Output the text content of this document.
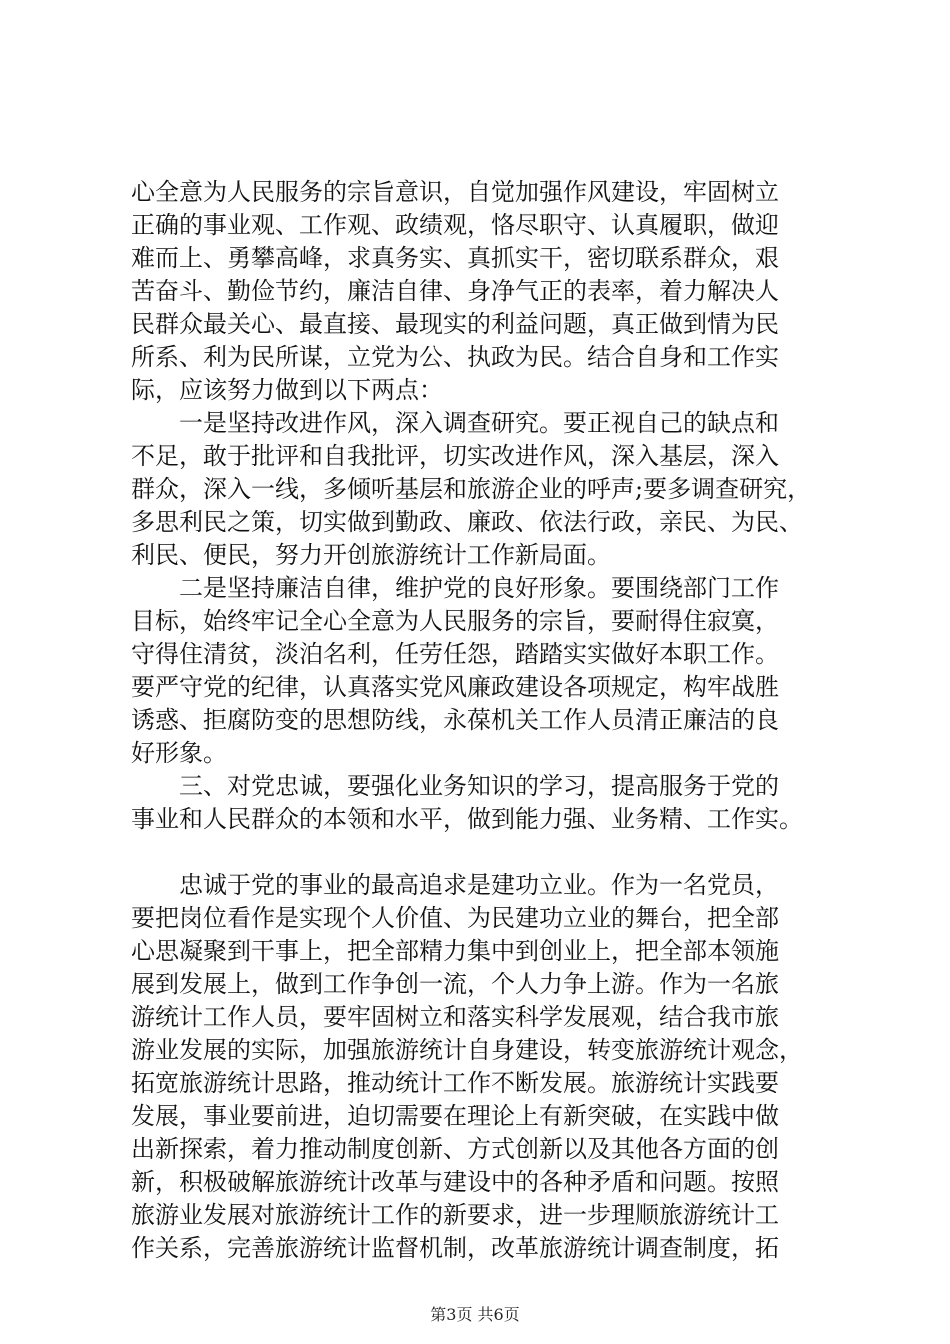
心全意为人民服务的宗旨意识，自觉加强作风建设，牢固树立
正确的事业观、工作观、政绩观，恪尽职守、认真履职，做迎
难而上、勇攀高峰，求真务实、真抓实干，密切联系群众，艰
苦奋斗、勤俭节约，廉洁自律、身净气正的表率，着力解决人
民群众最关心、最直接、最现实的利益问题，真正做到情为民
所系、利为民所谋，立党为公、执政为民。结合自身和工作实
际，应该努力做到以下两点：
一是坚持改进作风，深入调查研究。要正视自己的缺点和
不足，敢于批评和自我批评，切实改进作风，深入基层，深入
群众，深入一线，多倾听基层和旅游企业的呼声;要多调查研究，
多思利民之策，切实做到勤政、廉政、依法行政，亲民、为民、
利民、便民，努力开创旅游统计工作新局面。
二是坚持廉洁自律，维护党的良好形象。要围绕部门工作
目标，始终牢记全心全意为人民服务的宗旨，要耐得住寂寞，
守得住清贫，淡泊名利，任劳任怨，踏踏实实做好本职工作。
要严守党的纪律，认真落实党风廉政建设各项规定，构牢战胜
诱惑、拒腐防变的思想防线，永葆机关工作人员清正廉洁的良
好形象。
三、对党忠诚，要强化业务知识的学习，提高服务于党的
事业和人民群众的本领和水平，做到能力强、业务精、工作实。
忠诚于党的事业的最高追求是建功立业。作为一名党员，
要把岗位看作是实现个人价值、为民建功立业的舞台，把全部
心思凝聚到干事上，把全部精力集中到创业上，把全部本领施
展到发展上，做到工作争创一流，个人力争上游。作为一名旅
游统计工作人员，要牢固树立和落实科学发展观，结合我市旅
游业发展的实际，加强旅游统计自身建设，转变旅游统计观念，
拓宽旅游统计思路，推动统计工作不断发展。旅游统计实践要
发展，事业要前进，迫切需要在理论上有新突破，在实践中做
出新探索，着力推动制度创新、方式创新以及其他各方面的创
新，积极破解旅游统计改革与建设中的各种矛盾和问题。按照
旅游业发展对旅游统计工作的新要求，进一步理顺旅游统计工
作关系，完善旅游统计监督机制，改革旅游统计调查制度，拓
第3页 共6页
